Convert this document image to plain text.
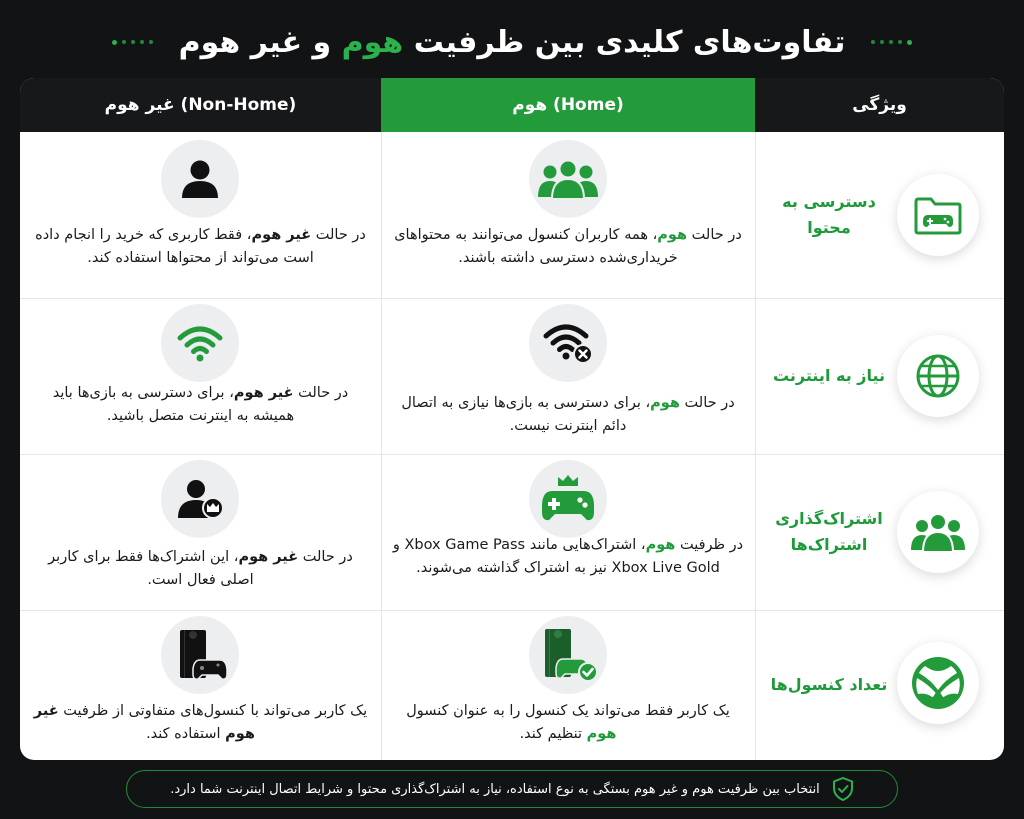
تفاوت‌های کلیدی بین ظرفیت هوم و غیر هوم
غیر هوم (Non-Home)	هوم (Home)	ویژگی
در حالت غیر هوم، فقط کاربری که خرید را انجام داده است می‌تواند از محتواها استفاده کند.
در حالت هوم، همه کاربران کنسول می‌توانند به محتواهای خریداری‌شده دسترسی داشته باشند.
دسترسی به محتوا
در حالت غیر هوم، برای دسترسی به بازی‌ها باید همیشه به اینترنت متصل باشید.
در حالت هوم، برای دسترسی به بازی‌ها نیازی به اتصال دائم اینترنت نیست.
نیاز به اینترنت
در حالت غیر هوم، این اشتراک‌ها فقط برای کاربر اصلی فعال است.
در ظرفیت هوم، اشتراک‌هایی مانند Xbox Game Pass و Xbox Live Gold نیز به اشتراک گذاشته می‌شوند.
اشتراک‌گذاری اشتراک‌ها
یک کاربر می‌تواند با کنسول‌های متفاوتی از ظرفیت غیر هوم استفاده کند.
یک کاربر فقط می‌تواند یک کنسول را به عنوان کنسول هوم تنظیم کند.
تعداد کنسول‌ها
انتخاب بین ظرفیت هوم و غیر هوم بستگی به نوع استفاده، نیاز به اشتراک‌گذاری محتوا و شرایط اتصال اینترنت شما دارد.
